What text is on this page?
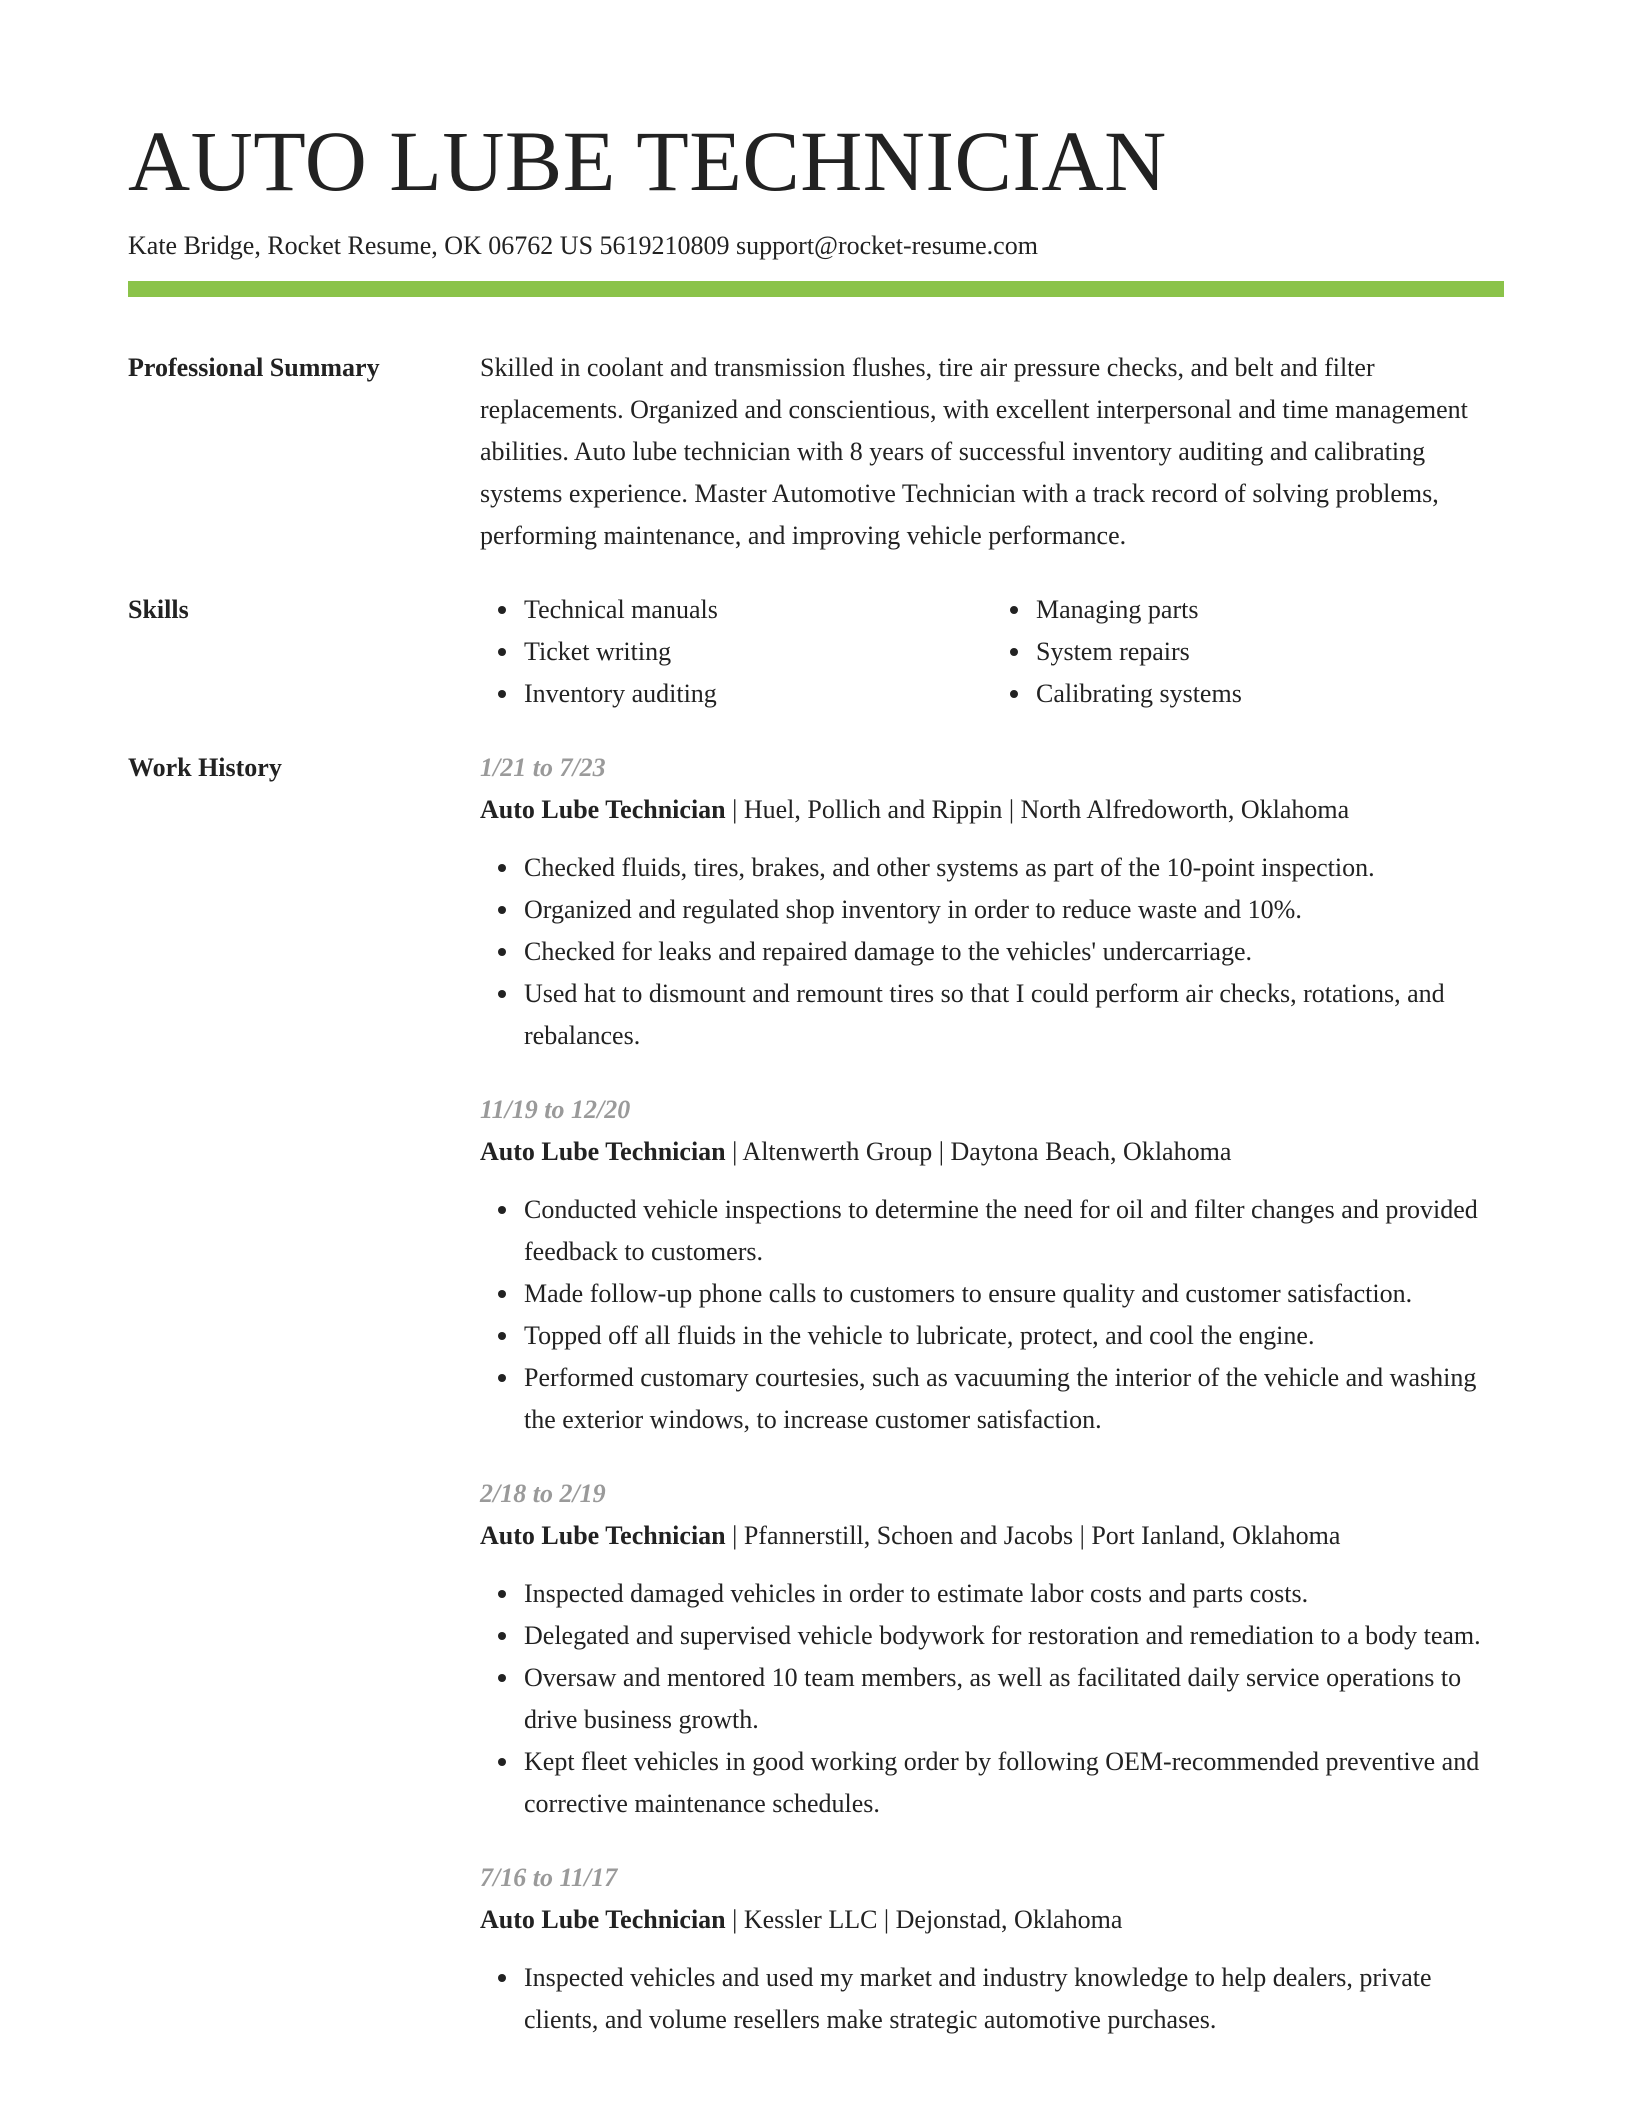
AUTO LUBE TECHNICIAN
Kate Bridge, Rocket Resume, OK 06762 US 5619210809 support@rocket-resume.com
Professional Summary	Skilled in coolant and transmission flushes, tire air pressure checks, and belt and filter replacements. Organized and conscientious, with excellent interpersonal and time management abilities. Auto lube technician with 8 years of successful inventory auditing and calibrating systems experience. Master Automotive Technician with a track record of solving problems, performing maintenance, and improving vehicle performance.
Skills	Technical manuals
Ticket writing
Inventory auditing
Managing parts
System repairs
Calibrating systems
Work History	1/21 to 7/23
Auto Lube Technician | Huel, Pollich and Rippin | North Alfredoworth, Oklahoma
Checked fluids, tires, brakes, and other systems as part of the 10-point inspection.
Organized and regulated shop inventory in order to reduce waste and 10%.
Checked for leaks and repaired damage to the vehicles' undercarriage.
Used hat to dismount and remount tires so that I could perform air checks, rotations, and rebalances.
11/19 to 12/20
Auto Lube Technician | Altenwerth Group | Daytona Beach, Oklahoma
Conducted vehicle inspections to determine the need for oil and filter changes and provided feedback to customers.
Made follow-up phone calls to customers to ensure quality and customer satisfaction.
Topped off all fluids in the vehicle to lubricate, protect, and cool the engine.
Performed customary courtesies, such as vacuuming the interior of the vehicle and washing the exterior windows, to increase customer satisfaction.
2/18 to 2/19
Auto Lube Technician | Pfannerstill, Schoen and Jacobs | Port Ianland, Oklahoma
Inspected damaged vehicles in order to estimate labor costs and parts costs.
Delegated and supervised vehicle bodywork for restoration and remediation to a body team.
Oversaw and mentored 10 team members, as well as facilitated daily service operations to drive business growth.
Kept fleet vehicles in good working order by following OEM-recommended preventive and corrective maintenance schedules.
7/16 to 11/17
Auto Lube Technician | Kessler LLC | Dejonstad, Oklahoma
Inspected vehicles and used my market and industry knowledge to help dealers, private clients, and volume resellers make strategic automotive purchases.
